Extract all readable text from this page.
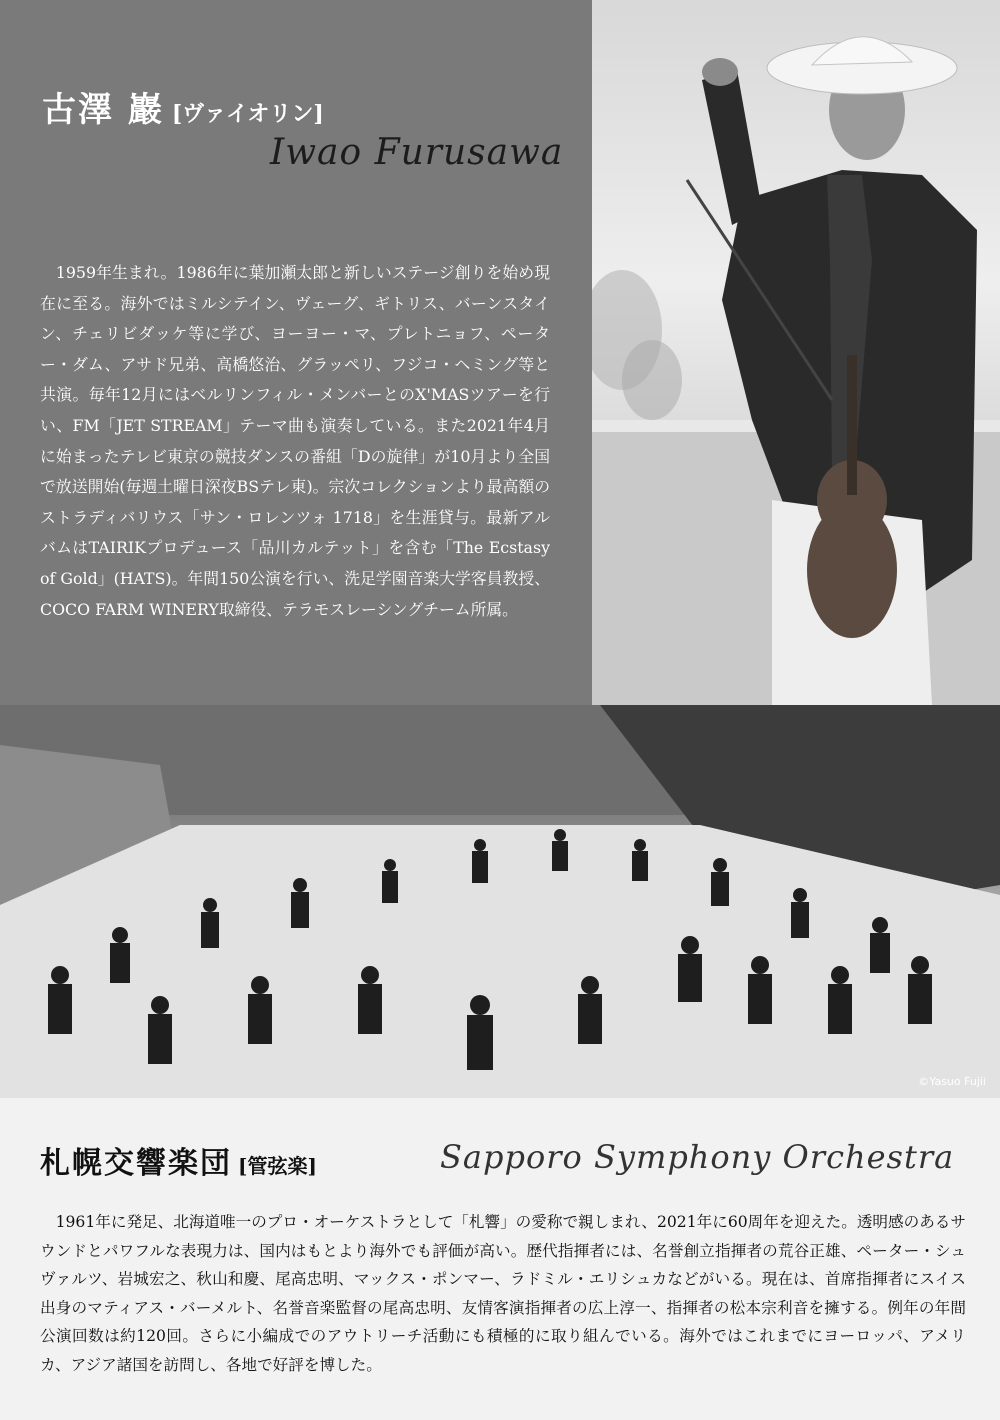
古澤 巖 [ヴァイオリン]
Iwao Furusawa
1959年生まれ。1986年に葉加瀬太郎と新しいステージ創りを始め現在に至る。海外ではミルシテイン、ヴェーグ、ギトリス、バーンスタイン、チェリビダッケ等に学び、ヨーヨー・マ、プレトニョフ、ペーター・ダム、アサド兄弟、高橋悠治、グラッペリ、フジコ・ヘミング等と共演。毎年12月にはベルリンフィル・メンバーとのX'MASツアーを行い、FM「JET STREAM」テーマ曲も演奏している。また2021年4月に始まったテレビ東京の競技ダンスの番組「Dの旋律」が10月より全国で放送開始(毎週土曜日深夜BSテレ東)。宗次コレクションより最高額のストラディバリウス「サン・ロレンツォ 1718」を生涯貸与。最新アルバムはTAIRIKプロデュース「品川カルテット」を含む「The Ecstasy of Gold」(HATS)。年間150公演を行い、洗足学園音楽大学客員教授、COCO FARM WINERY取締役、テラモスレーシングチーム所属。
©Yasuo Fujii
札幌交響楽団 [管弦楽]	Sapporo Symphony Orchestra
1961年に発足、北海道唯一のプロ・オーケストラとして「札響」の愛称で親しまれ、2021年に60周年を迎えた。透明感のあるサウンドとパワフルな表現力は、国内はもとより海外でも評価が高い。歴代指揮者には、名誉創立指揮者の荒谷正雄、ペーター・シュヴァルツ、岩城宏之、秋山和慶、尾高忠明、マックス・ポンマー、ラドミル・エリシュカなどがいる。現在は、首席指揮者にスイス出身のマティアス・バーメルト、名誉音楽監督の尾高忠明、友情客演指揮者の広上淳一、指揮者の松本宗利音を擁する。例年の年間公演回数は約120回。さらに小編成でのアウトリーチ活動にも積極的に取り組んでいる。海外ではこれまでにヨーロッパ、アメリカ、アジア諸国を訪問し、各地で好評を博した。
